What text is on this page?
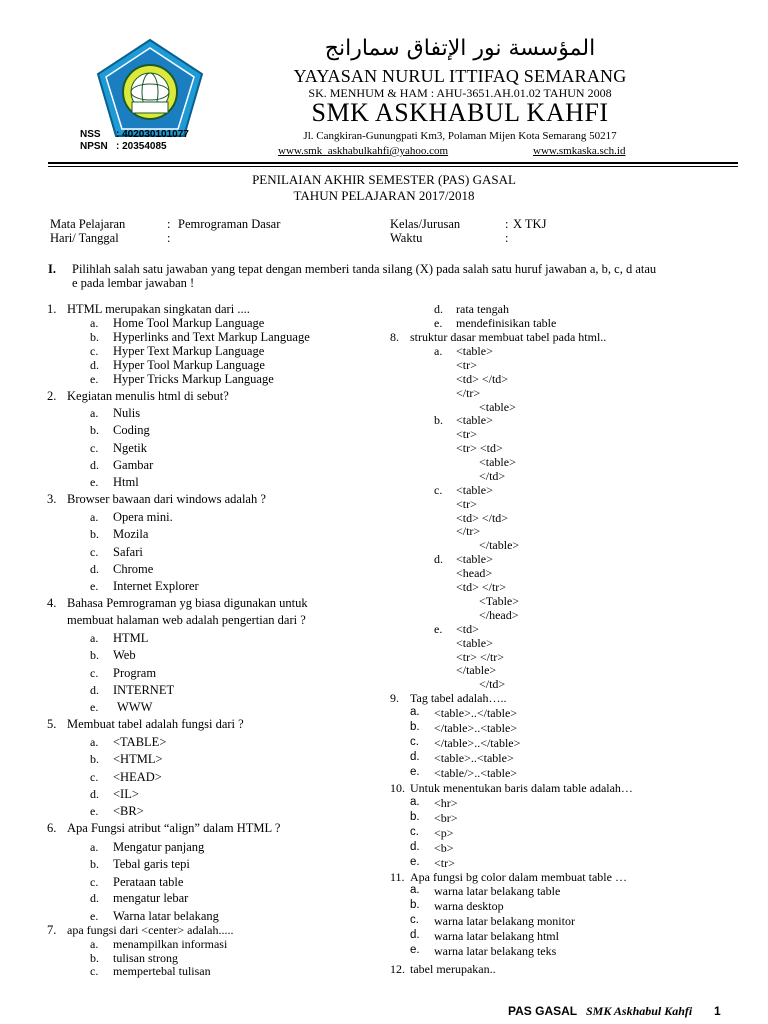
المؤسسة نور الإتفاق سمارانج
YAYASAN NURUL ITTIFAQ SEMARANG
SK. MENHUM & HAM : AHU-3651.AH.01.02 TAHUN 2008
SMK ASKHABUL KAHFI
Jl. Cangkiran-Gunungpati Km3, Polaman Mijen Kota Semarang 50217
www.smk_askhabulkahfi@yahoo.com	www.smkaska.sch.id
NSS : 402030101077
NPSN : 20354085
PENILAIAN AKHIR SEMESTER (PAS) GASAL
TAHUN PELAJARAN 2017/2018
Mata Pelajaran	: Pemrograman Dasar	Kelas/Jurusan	: X TKJ
Hari/ Tanggal	:	Waktu	:
I. Pilihlah salah satu jawaban yang tepat dengan memberi tanda silang (X) pada salah satu huruf jawaban a, b, c, d atau
e pada lembar jawaban !
1. HTML merupakan singkatan dari ....
a. Home Tool Markup Language
b. Hyperlinks and Text Markup Language
c. Hyper Text Markup Language
d. Hyper Tool Markup Language
e. Hyper Tricks Markup Language
2. Kegiatan menulis html di sebut?
a. Nulis
b. Coding
c. Ngetik
d. Gambar
e. Html
3. Browser bawaan dari windows adalah ?
a. Opera mini.
b. Mozila
c. Safari
d. Chrome
e. Internet Explorer
4. Bahasa Pemrograman yg biasa digunakan untuk
membuat halaman web adalah pengertian dari ?
a. HTML
b. Web
c. Program
d. INTERNET
e. WWW
5. Membuat tabel adalah fungsi dari ?
a. <TABLE>
b. <HTML>
c. <HEAD>
d. <IL>
e. <BR>
6. Apa Fungsi atribut “align” dalam HTML ?
a. Mengatur panjang
b. Tebal garis tepi
c. Perataan table
d. mengatur lebar
e. Warna latar belakang
7. apa fungsi dari <center> adalah.....
a. menampilkan informasi
b. tulisan strong
c. mempertebal tulisan
d. rata tengah
e. mendefinisikan table
8. struktur dasar membuat tabel pada html..
a. <table>
<tr>
<td> </td>
</tr>
<table>
b. <table>
<tr>
<tr> <td>
<table>
</td>
c. <table>
<tr>
<td> </td>
</tr>
</table>
d. <table>
<head>
<td> </tr>
<Table>
</head>
e. <td>
<table>
<tr> </tr>
</table>
</td>
9. Tag tabel adalah…..
a. <table>..</table>
b. </table>..<table>
c. </table>..</table>
d. <table>..<table>
e. <table/>..<table>
10. Untuk menentukan baris dalam table adalah…
a. <hr>
b. <br>
c. <p>
d. <b>
e. <tr>
11. Apa fungsi bg color dalam membuat table …
a. warna latar belakang table
b. warna desktop
c. warna latar belakang monitor
d. warna latar belakang html
e. warna latar belakang teks
12. tabel merupakan..
PAS GASAL SMK Askhabul Kahfi 1
